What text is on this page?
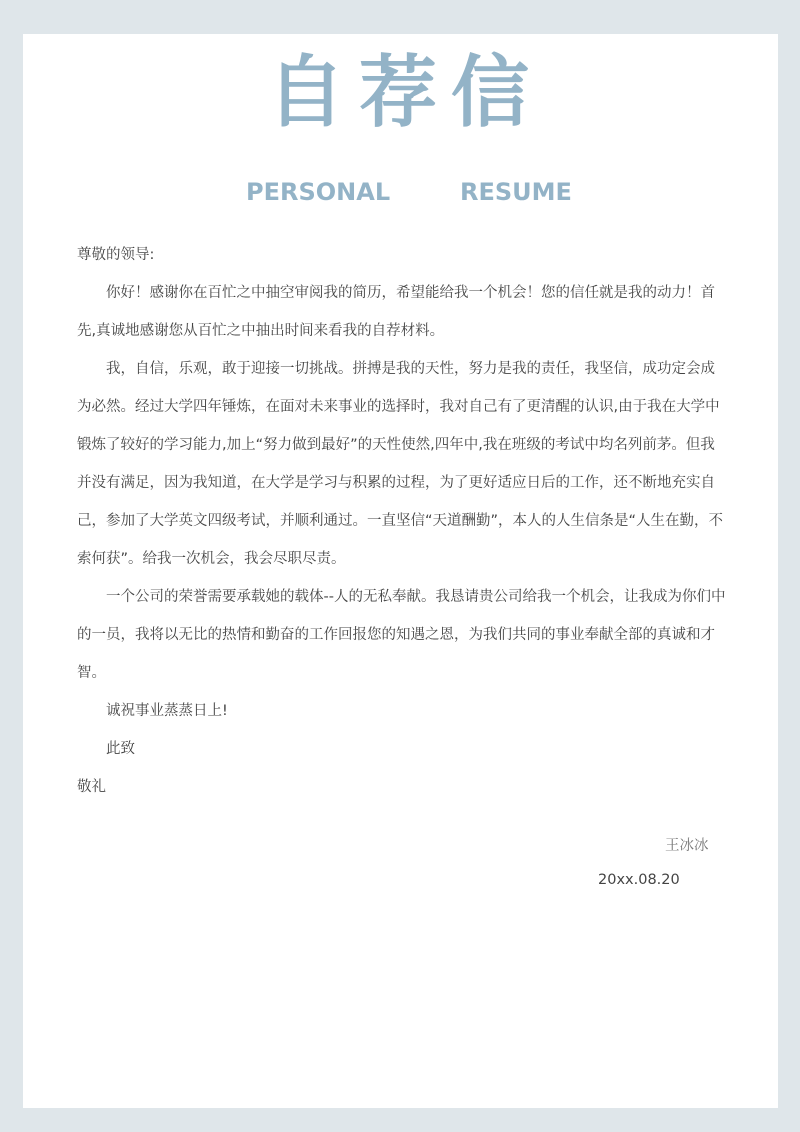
自荐信
PERSONAL	RESUME

尊敬的领导:

你好！感谢你在百忙之中抽空审阅我的简历，希望能给我一个机会！您的信任就是我的动力！首先,真诚地感谢您从百忙之中抽出时间来看我的自荐材料。

我，自信，乐观，敢于迎接一切挑战。拼搏是我的天性，努力是我的责任，我坚信，成功定会成为必然。经过大学四年锤炼，在面对未来事业的选择时，我对自己有了更清醒的认识,由于我在大学中锻炼了较好的学习能力,加上“努力做到最好”的天性使然,四年中,我在班级的考试中均名列前茅。但我并没有满足，因为我知道，在大学是学习与积累的过程，为了更好适应日后的工作，还不断地充实自己，参加了大学英文四级考试，并顺利通过。一直坚信“天道酬勤”，本人的人生信条是“人生在勤，不索何获”。给我一次机会，我会尽职尽责。

一个公司的荣誉需要承载她的载体--人的无私奉献。我恳请贵公司给我一个机会，让我成为你们中的一员，我将以无比的热情和勤奋的工作回报您的知遇之恩，为我们共同的事业奉献全部的真诚和才智。

诚祝事业蒸蒸日上!

此致

敬礼

王冰冰
20xx.08.20
